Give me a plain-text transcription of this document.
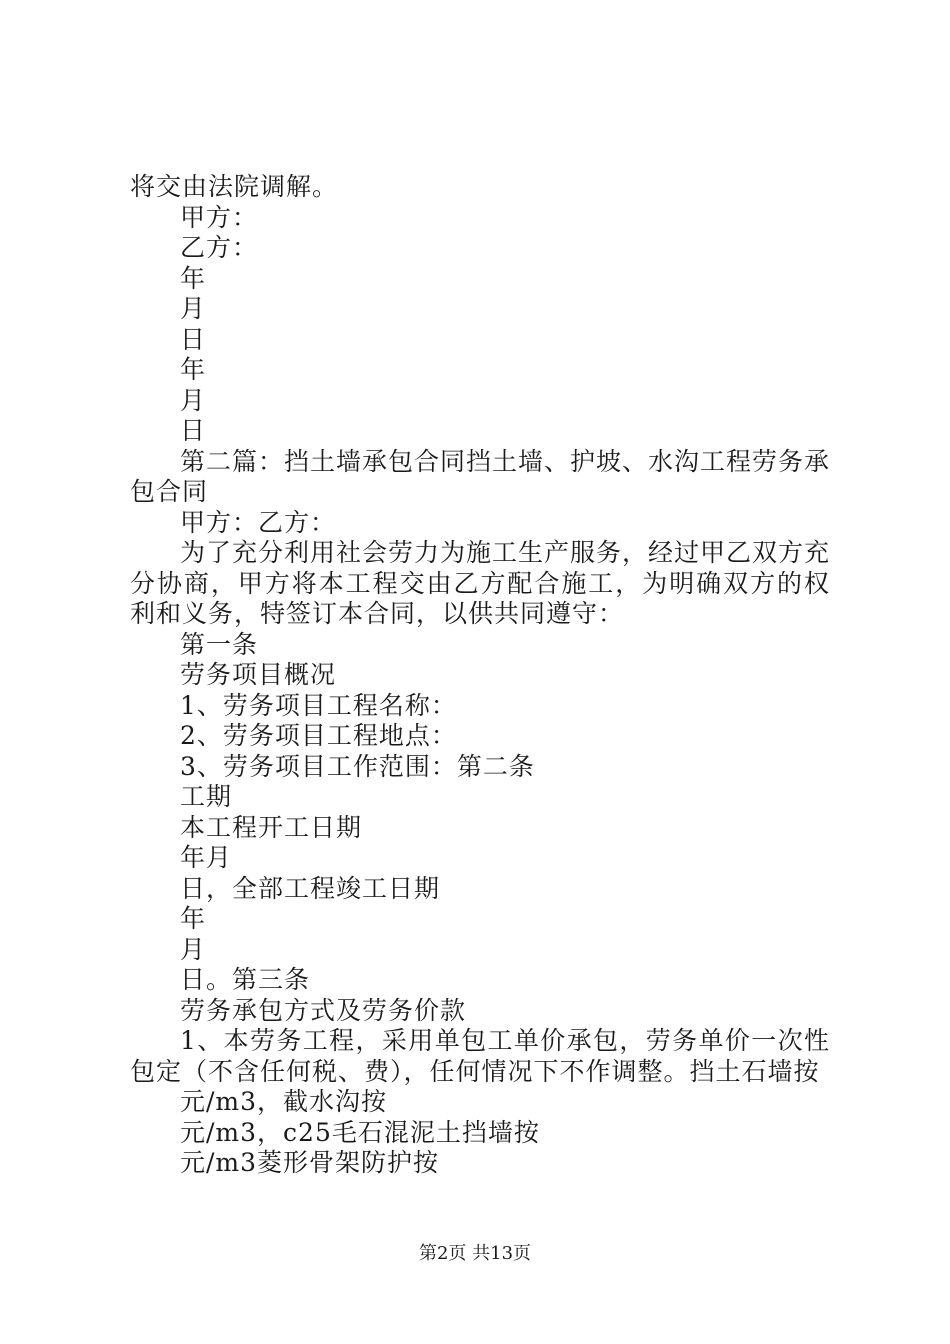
将交由法院调解。
甲方：
乙方：
年
月
日
年
月
日
第二篇：挡土墙承包合同挡土墙、护坡、水沟工程劳务承包合同
甲方：乙方：
为了充分利用社会劳力为施工生产服务，经过甲乙双方充分协商，甲方将本工程交由乙方配合施工，为明确双方的权利和义务，特签订本合同，以供共同遵守：
第一条
劳务项目概况
1、劳务项目工程名称：
2、劳务项目工程地点：
3、劳务项目工作范围：第二条
工期
本工程开工日期
年月
日，全部工程竣工日期
年
月
日。第三条
劳务承包方式及劳务价款
1、本劳务工程，采用单包工单价承包，劳务单价一次性包定（不含任何税、费），任何情况下不作调整。挡土石墙按
元/m3，截水沟按
元/m3，c25毛石混泥土挡墙按
元/m3菱形骨架防护按
第2页 共13页
